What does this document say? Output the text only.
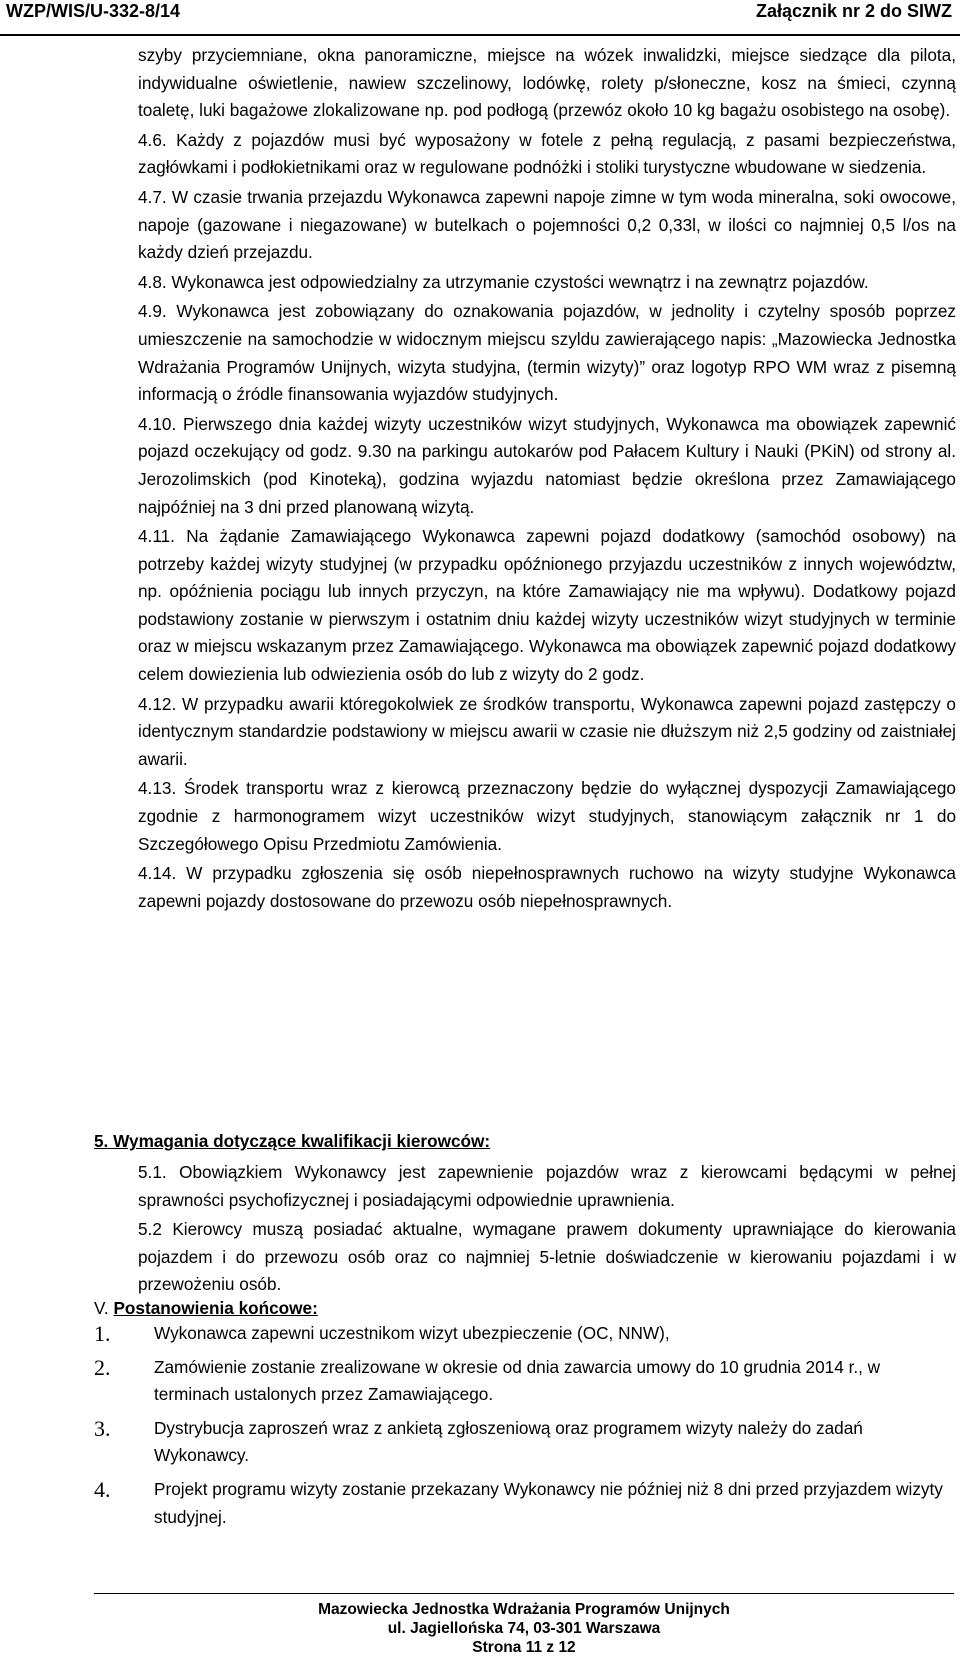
WZP/WIS/U-332-8/14	Załącznik nr 2 do SIWZ

szyby przyciemniane, okna panoramiczne, miejsce na wózek inwalidzki, miejsce siedzące dla pilota, indywidualne oświetlenie, nawiew szczelinowy, lodówkę, rolety p/słoneczne, kosz na śmieci, czynną toaletę, luki bagażowe zlokalizowane np. pod podłogą (przewóz około 10 kg bagażu osobistego na osobę).

4.6. Każdy z pojazdów musi być wyposażony w fotele z pełną regulacją, z pasami bezpieczeństwa, zagłówkami i podłokietnikami oraz w regulowane podnóżki i stoliki turystyczne wbudowane w siedzenia.

4.7. W czasie trwania przejazdu Wykonawca zapewni napoje zimne w tym woda mineralna, soki owocowe, napoje (gazowane i niegazowane) w butelkach o pojemności 0,2 0,33l, w ilości co najmniej 0,5 l/os na każdy dzień przejazdu.

4.8. Wykonawca jest odpowiedzialny za utrzymanie czystości wewnątrz i na zewnątrz pojazdów.

4.9. Wykonawca jest zobowiązany do oznakowania pojazdów, w jednolity i czytelny sposób poprzez umieszczenie na samochodzie w widocznym miejscu szyldu zawierającego napis: „Mazowiecka Jednostka Wdrażania Programów Unijnych, wizyta studyjna, (termin wizyty)” oraz logotyp RPO WM wraz z pisemną informacją o źródle finansowania wyjazdów studyjnych.

4.10. Pierwszego dnia każdej wizyty uczestników wizyt studyjnych, Wykonawca ma obowiązek zapewnić pojazd oczekujący od godz. 9.30 na parkingu autokarów pod Pałacem Kultury i Nauki (PKiN) od strony al. Jerozolimskich (pod Kinoteką), godzina wyjazdu natomiast będzie określona przez Zamawiającego najpóźniej na 3 dni przed planowaną wizytą.

4.11. Na żądanie Zamawiającego Wykonawca zapewni pojazd dodatkowy (samochód osobowy) na potrzeby każdej wizyty studyjnej (w przypadku opóźnionego przyjazdu uczestników z innych województw, np. opóźnienia pociągu lub innych przyczyn, na które Zamawiający nie ma wpływu). Dodatkowy pojazd podstawiony zostanie w pierwszym i ostatnim dniu każdej wizyty uczestników wizyt studyjnych w terminie oraz w miejscu wskazanym przez Zamawiającego. Wykonawca ma obowiązek zapewnić pojazd dodatkowy celem dowiezienia lub odwiezienia osób do lub z wizyty do 2 godz.

4.12. W przypadku awarii któregokolwiek ze środków transportu, Wykonawca zapewni pojazd zastępczy o identycznym standardzie podstawiony w miejscu awarii w czasie nie dłuższym niż 2,5 godziny od zaistniałej awarii.

4.13. Środek transportu wraz z kierowcą przeznaczony będzie do wyłącznej dyspozycji Zamawiającego zgodnie z harmonogramem wizyt uczestników wizyt studyjnych, stanowiącym załącznik nr 1 do Szczegółowego Opisu Przedmiotu Zamówienia.

4.14. W przypadku zgłoszenia się osób niepełnosprawnych ruchowo na wizyty studyjne Wykonawca zapewni pojazdy dostosowane do przewozu osób niepełnosprawnych.

5. Wymagania dotyczące kwalifikacji kierowców:

5.1. Obowiązkiem Wykonawcy jest zapewnienie pojazdów wraz z kierowcami będącymi w pełnej sprawności psychofizycznej i posiadającymi odpowiednie uprawnienia.

5.2 Kierowcy muszą posiadać aktualne, wymagane prawem dokumenty uprawniające do kierowania pojazdem i do przewozu osób oraz co najmniej 5-letnie doświadczenie w kierowaniu pojazdami i w przewożeniu osób.

V. Postanowienia końcowe:
1.	Wykonawca zapewni uczestnikom wizyt ubezpieczenie (OC, NNW),
2.	Zamówienie zostanie zrealizowane w okresie od dnia zawarcia umowy do 10 grudnia 2014 r., w terminach ustalonych przez Zamawiającego.
3.	Dystrybucja zaproszeń wraz z ankietą zgłoszeniową oraz programem wizyty należy do zadań Wykonawcy.
4.	Projekt programu wizyty zostanie przekazany Wykonawcy nie później niż 8 dni przed przyjazdem wizyty studyjnej.
Mazowiecka Jednostka Wdrażania Programów Unijnych
ul. Jagiellońska 74, 03-301 Warszawa
Strona 11 z 12
